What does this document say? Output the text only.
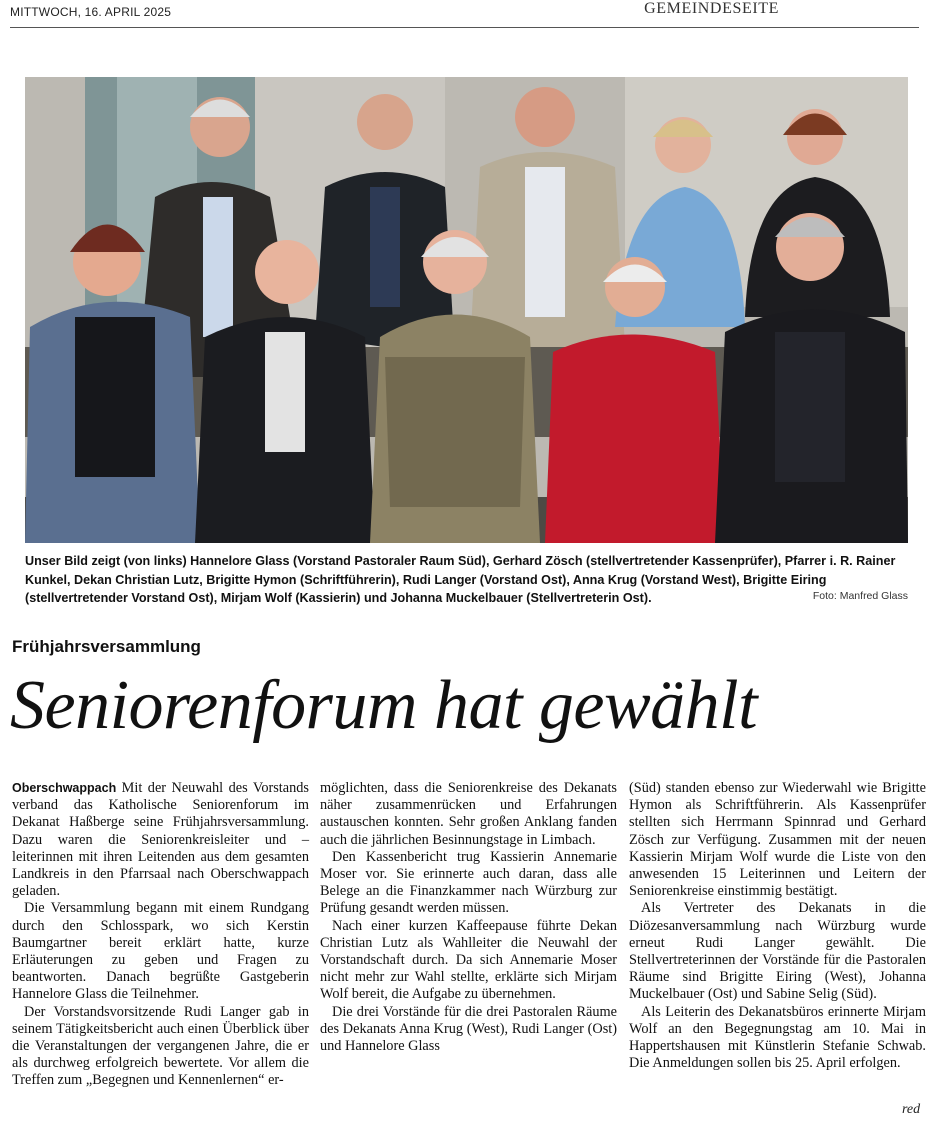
MITTWOCH, 16. APRIL 2025	GEMEINDESEITE
Unser Bild zeigt (von links) Hannelore Glass (Vorstand Pastoraler Raum Süd), Gerhard Zösch (stellvertretender Kassenprüfer), Pfarrer i. R. Rainer Kunkel, Dekan Christian Lutz, Brigitte Hymon (Schriftführerin), Rudi Langer (Vorstand Ost), Anna Krug (Vorstand West), Brigitte Eiring (stellvertretender Vorstand Ost), Mirjam Wolf (Kassierin) und Johanna Muckelbauer (Stellvertreterin Ost).	Foto: Manfred Glass
Frühjahrsversammlung
Seniorenforum hat gewählt

Oberschwappach Mit der Neuwahl des Vorstands verband das Katholische Seniorenforum im Dekanat Haßberge seine Frühjahrsversammlung. Dazu waren die Seniorenkreisleiter und –leiterinnen mit ihren Leitenden aus dem gesamten Landkreis in den Pfarrsaal nach Oberschwappach geladen.

Die Versammlung begann mit einem Rundgang durch den Schlosspark, wo sich Kerstin Baumgartner bereit erklärt hatte, kurze Erläuterungen zu geben und Fragen zu beantworten. Danach begrüßte Gastgeberin Hannelore Glass die Teilnehmer.

Der Vorstandsvorsitzende Rudi Langer gab in seinem Tätigkeitsbericht auch einen Überblick über die Veranstaltungen der vergangenen Jahre, die er als durchweg erfolgreich bewertete. Vor allem die Treffen zum „Begegnen und Kennenlernen“ er-

möglichten, dass die Seniorenkreise des Dekanats näher zusammenrücken und Erfahrungen austauschen konnten. Sehr großen Anklang fanden auch die jährlichen Besinnungstage in Limbach.

Den Kassenbericht trug Kassierin Annemarie Moser vor. Sie erinnerte auch daran, dass alle Belege an die Finanzkammer nach Würzburg zur Prüfung gesandt werden müssen.

Nach einer kurzen Kaffeepause führte Dekan Christian Lutz als Wahlleiter die Neuwahl der Vorstandschaft durch. Da sich Annemarie Moser nicht mehr zur Wahl stellte, erklärte sich Mirjam Wolf bereit, die Aufgabe zu übernehmen.

Die drei Vorstände für die drei Pastoralen Räume des Dekanats Anna Krug (West), Rudi Langer (Ost) und Hannelore Glass

(Süd) standen ebenso zur Wiederwahl wie Brigitte Hymon als Schriftführerin. Als Kassenprüfer stellten sich Herrmann Spinnrad und Gerhard Zösch zur Verfügung. Zusammen mit der neuen Kassierin Mirjam Wolf wurde die Liste von den anwesenden 15 Leiterinnen und Leitern der Seniorenkreise einstimmig bestätigt.

Als Vertreter des Dekanats in die Diözesanversammlung nach Würzburg wurde erneut Rudi Langer gewählt. Die Stellvertreterinnen der Vorstände für die Pastoralen Räume sind Brigitte Eiring (West), Johanna Muckelbauer (Ost) und Sabine Selig (Süd).

Als Leiterin des Dekanatsbüros erinnerte Mirjam Wolf an den Begegnungstag am 10. Mai in Happertshausen mit Künstlerin Stefanie Schwab. Die Anmeldungen sollen bis 25. April erfolgen.

red
